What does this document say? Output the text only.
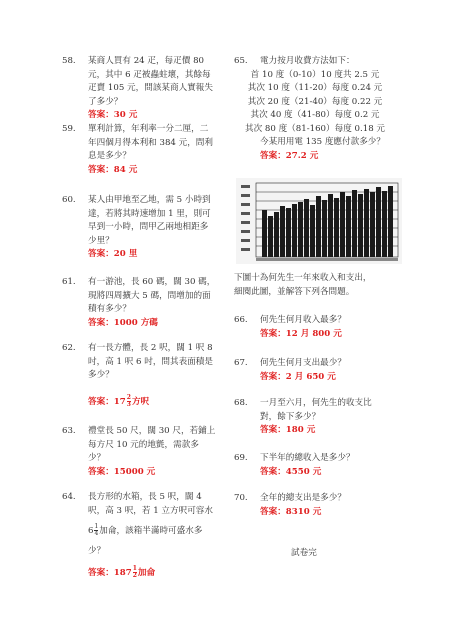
58. 某商人買有 24 疋，每疋價 80
元，其中 6 疋被蟲蛀壞，其餘每
疋賣 105 元，問該某商人實報失
了多少？
答案：30 元
59. 單利計算，年利率一分二厘，二
年四個月得本利和 384 元，問利
息是多少？
答案：84 元
60. 某人由甲地至乙地，需 5 小時到
達，若將其時速增加 1 里，則可
早到一小時，問甲乙兩地相距多
少里？
答案：20 里
61. 有一游池，長 60 碼，闊 30 碼，
現將四周擴大 5 碼，問增加的面
積有多少？
答案：1000 方碼
62. 有一長方體，長 2 呎，闊 1 呎 8
吋，高 1 呎 6 吋，問其表面積是
多少？
答案：$17 \frac{2}{3}$ 方呎
63. 禮堂長 50 尺，闊 30 尺，若鋪上
每方尺 10 元的地氈，需款多
少？
答案：15000 元
64. 長方形的水箱，長 5 呎，闊 4
呎，高 3 呎，若 1 立方呎可容水
$6 \frac{1}{4}$ 加侖，該箱半滿時可盛水多
少？
答案：$187 \frac{1}{2}$ 加侖
65. 電力按月收費方法如下：
首 10 度（0-10）10 度共 2.5 元
其次 10 度（11-20）每度 0.24 元
其次 20 度（21-40）每度 0.22 元
其次 40 度（41-80）每度 0.2 元
其次 80 度（81-160）每度 0.18 元
今某用用電 135 度應付款多少？
答案：27.2 元
下圖十為何先生一年來收入和支出，
細閱此圖，並解答下列各問題。
66. 何先生何月收入最多？
答案：12 月 800 元
67. 何先生何月支出最少？
答案：2 月 650 元
68. 一月至六月，何先生的收支比
對，餘下多少？
答案：180 元
69. 下半年的總收入是多少？
答案：4550 元
70. 全年的總支出是多少？
答案：8310 元
試卷完
